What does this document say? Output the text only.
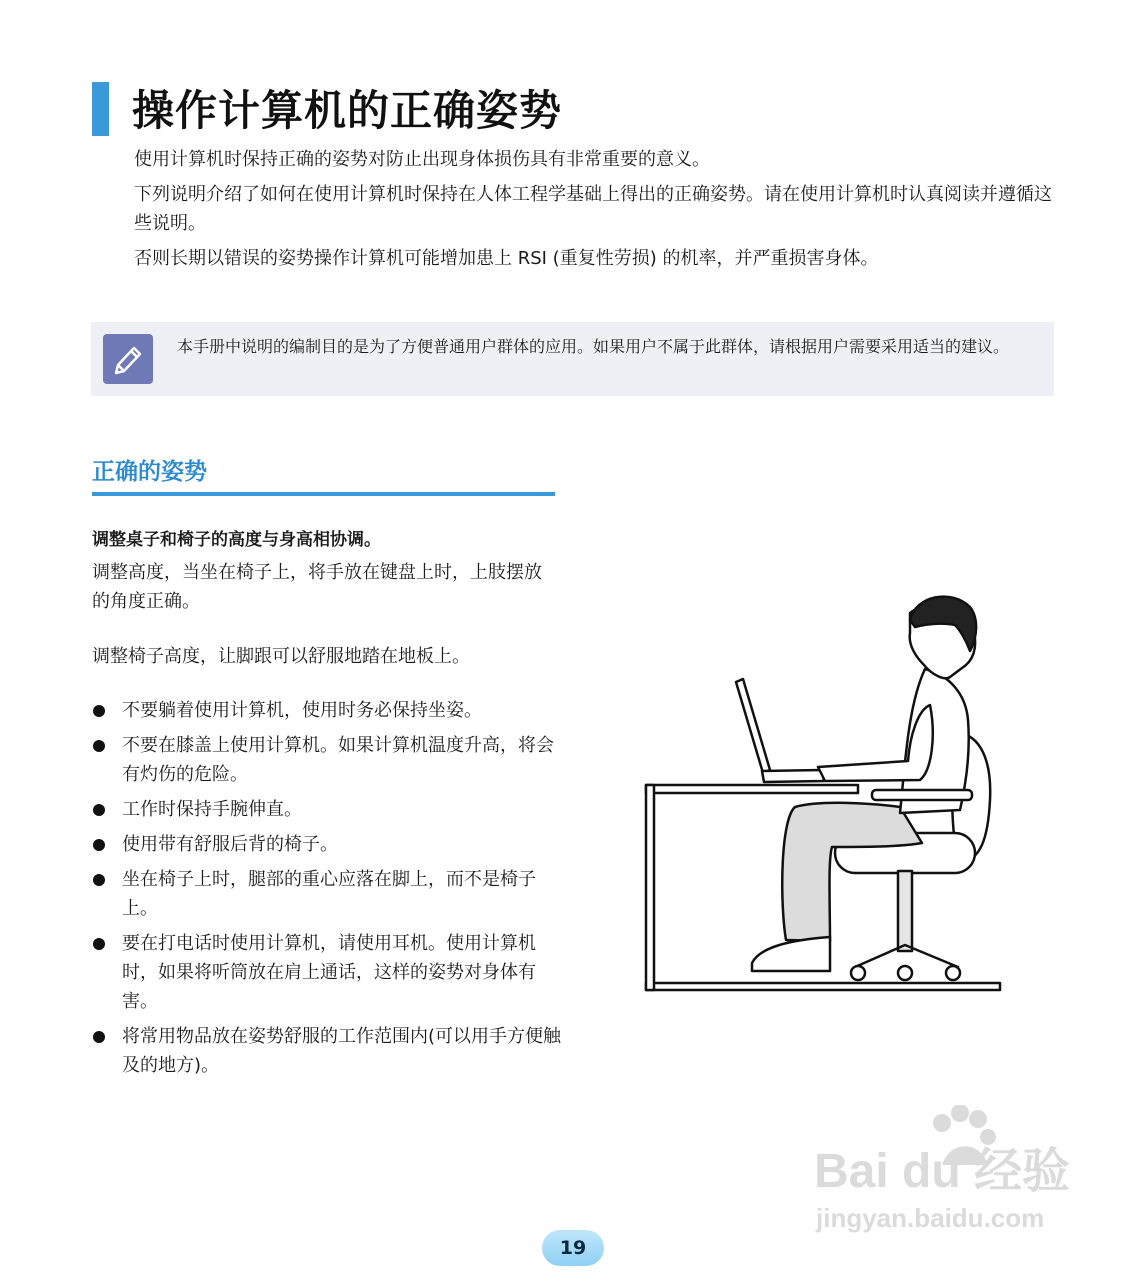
操作计算机的正确姿势

使用计算机时保持正确的姿势对防止出现身体损伤具有非常重要的意义。

下列说明介绍了如何在使用计算机时保持在人体工程学基础上得出的正确姿势。请在使用计算机时认真阅读并遵循这些说明。

否则长期以错误的姿势操作计算机可能增加患上 RSI (重复性劳损) 的机率，并严重损害身体。

本手册中说明的编制目的是为了方便普通用户群体的应用。如果用户不属于此群体，请根据用户需要采用适当的建议。
正确的姿势
调整桌子和椅子的高度与身高相协调。

调整高度，当坐在椅子上，将手放在键盘上时，上肢摆放的角度正确。

调整椅子高度，让脚跟可以舒服地踏在地板上。

不要躺着使用计算机，使用时务必保持坐姿。
不要在膝盖上使用计算机。如果计算机温度升高，将会有灼伤的危险。
工作时保持手腕伸直。
使用带有舒服后背的椅子。
坐在椅子上时，腿部的重心应落在脚上，而不是椅子上。
要在打电话时使用计算机，请使用耳机。使用计算机时，如果将听筒放在肩上通话，这样的姿势对身体有害。
将常用物品放在姿势舒服的工作范围内(可以用手方便触及的地方)。
Bai du 经验
jingyan.baidu.com
19
